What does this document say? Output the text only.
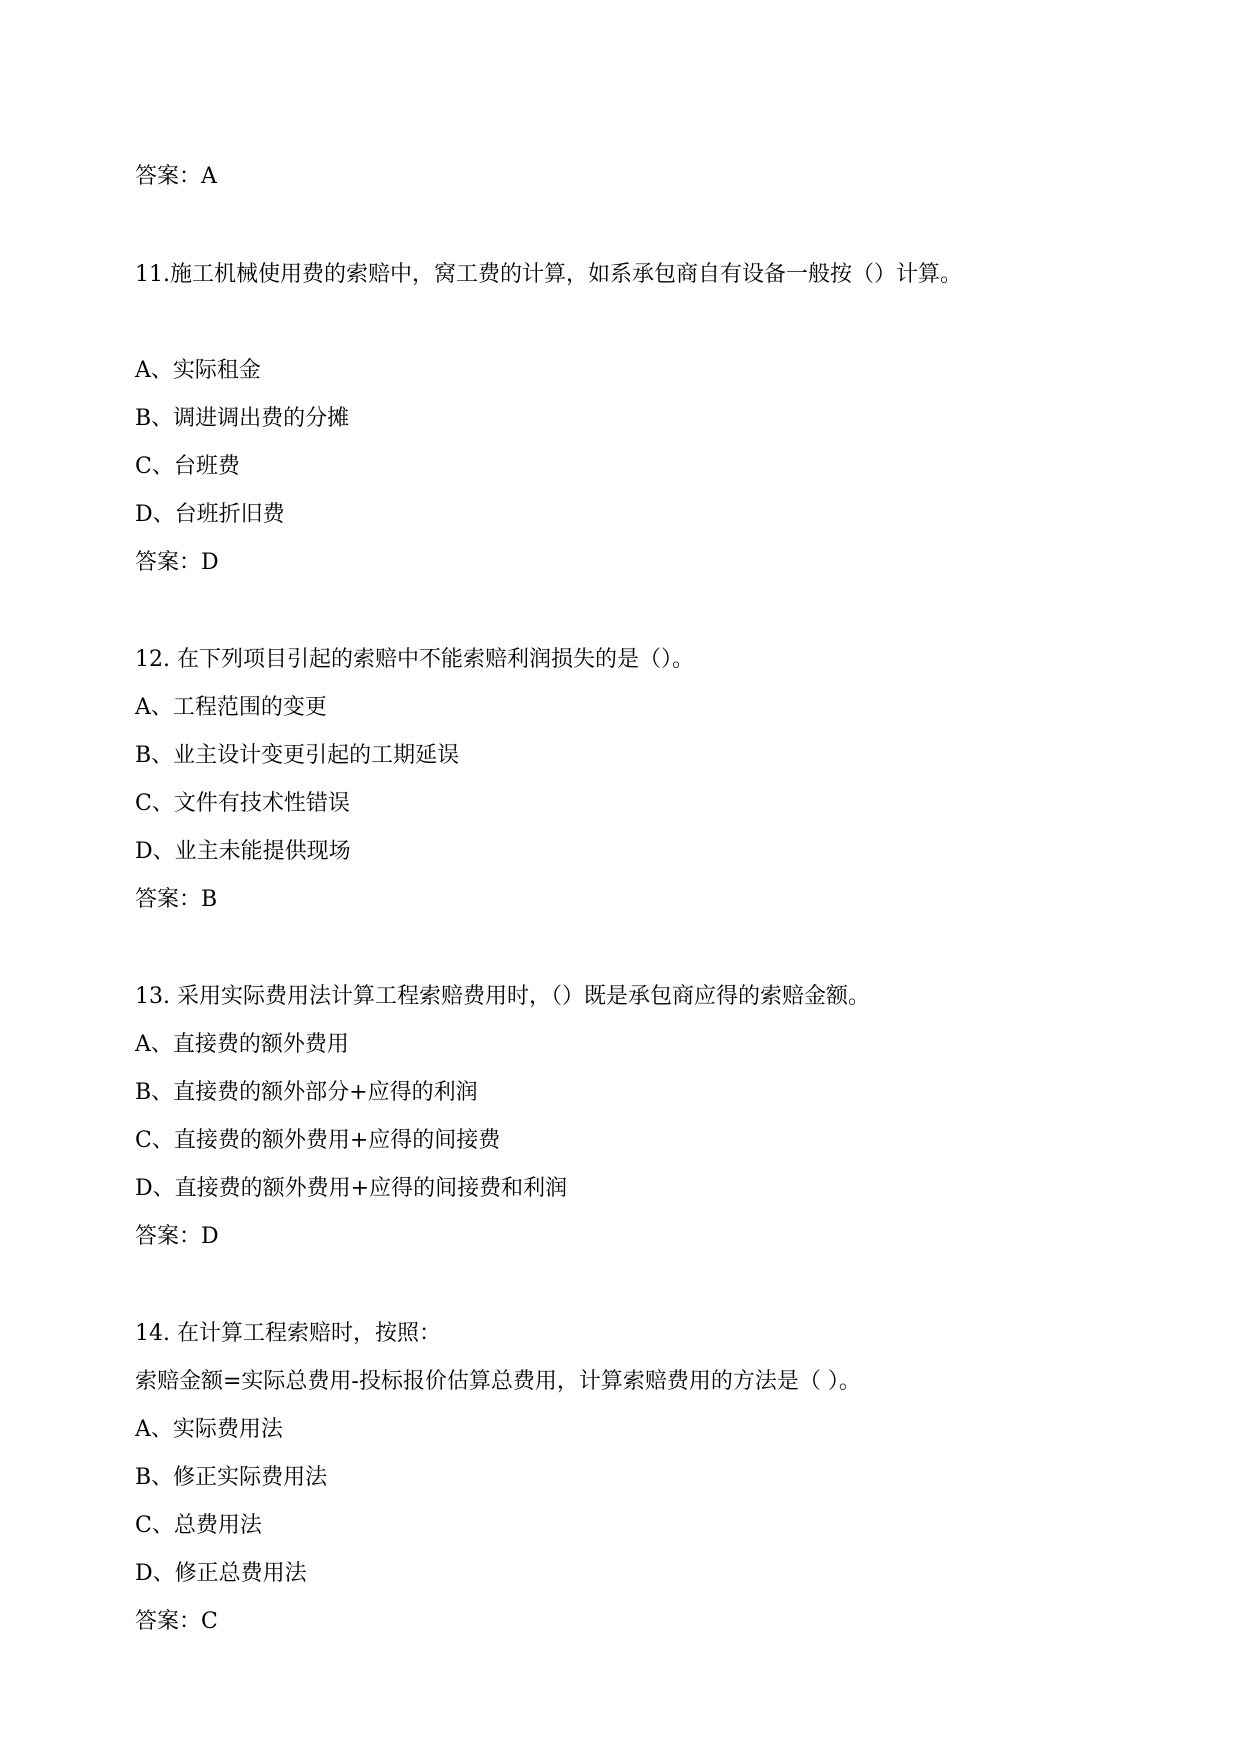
答案：A

11.施工机械使用费的索赔中，窝工费的计算，如系承包商自有设备一般按（）计算。

A、实际租金

B、调进调出费的分摊

C、台班费

D、台班折旧费

答案：D

12. 在下列项目引起的索赔中不能索赔利润损失的是（）。

A、工程范围的变更

B、业主设计变更引起的工期延误

C、文件有技术性错误

D、业主未能提供现场

答案：B

13. 采用实际费用法计算工程索赔费用时，（）既是承包商应得的索赔金额。

A、直接费的额外费用

B、直接费的额外部分+应得的利润

C、直接费的额外费用+应得的间接费

D、直接费的额外费用+应得的间接费和利润

答案：D

14. 在计算工程索赔时，按照：

索赔金额=实际总费用-投标报价估算总费用，计算索赔费用的方法是（ ）。

A、实际费用法

B、修正实际费用法

C、总费用法

D、修正总费用法

答案：C
